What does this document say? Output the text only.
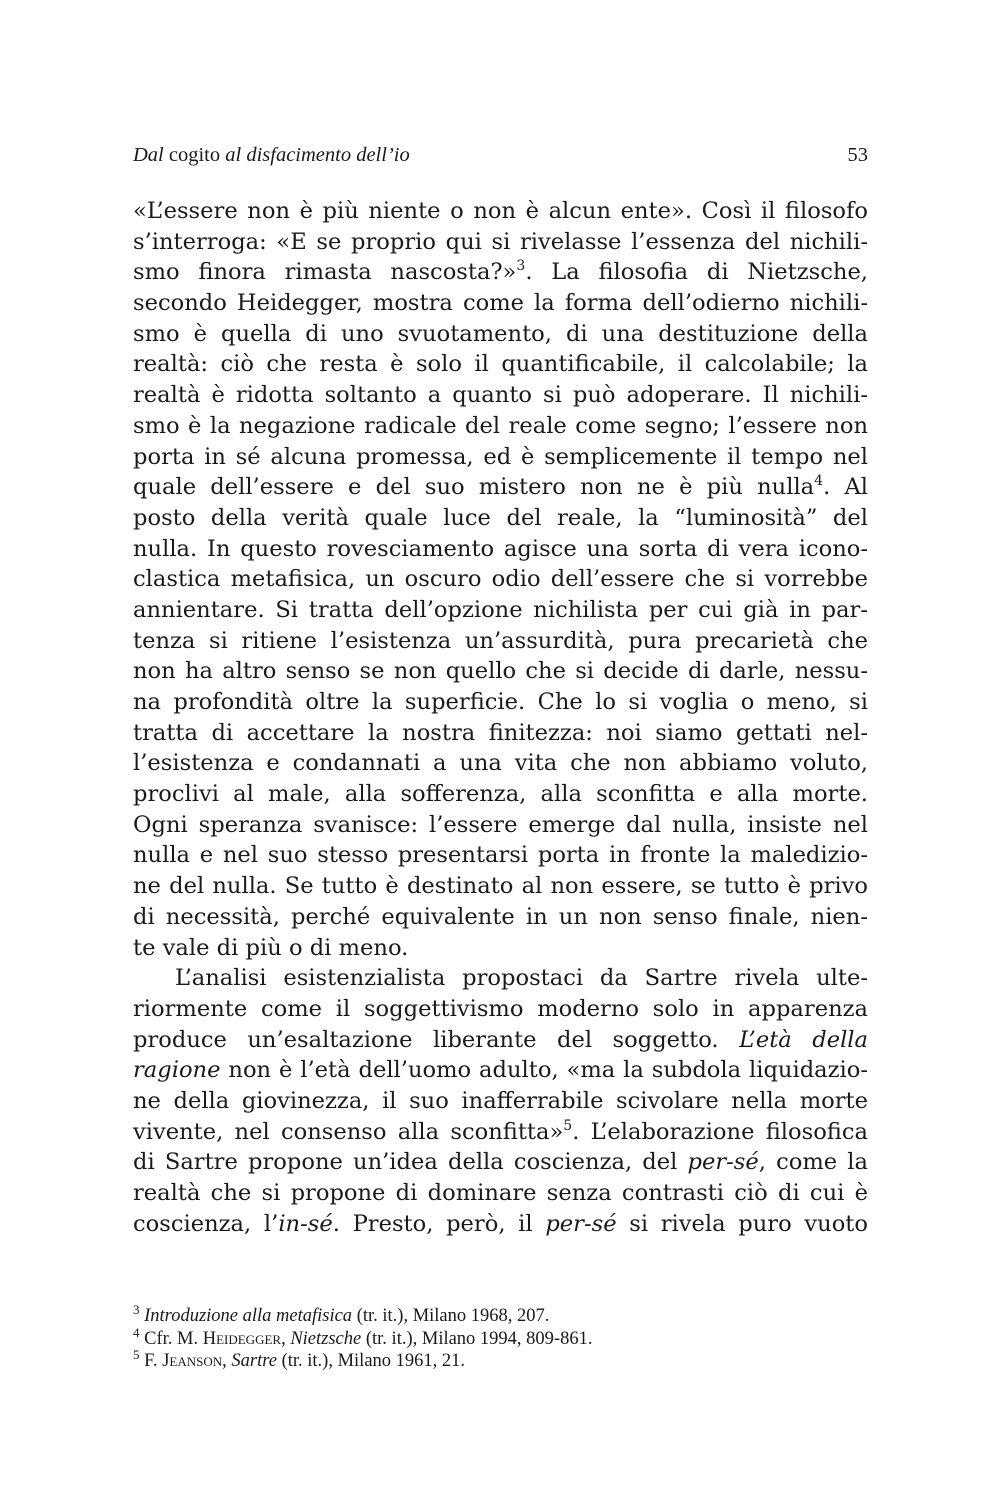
Dal cogito al disfacimento dell’io	53
«L’essere non è più niente o non è alcun ente». Così il filosofo
s’interroga: «E se proprio qui si rivelasse l’essenza del nichili-
smo finora rimasta nascosta?»$^3$. La filosofia di Nietzsche,
secondo Heidegger, mostra come la forma dell’odierno nichili-
smo è quella di uno svuotamento, di una destituzione della
realtà: ciò che resta è solo il quantificabile, il calcolabile; la
realtà è ridotta soltanto a quanto si può adoperare. Il nichili-
smo è la negazione radicale del reale come segno; l’essere non
porta in sé alcuna promessa, ed è semplicemente il tempo nel
quale dell’essere e del suo mistero non ne è più nulla$^4$. Al
posto della verità quale luce del reale, la “luminosità” del
nulla. In questo rovesciamento agisce una sorta di vera icono-
clastica metafisica, un oscuro odio dell’essere che si vorrebbe
annientare. Si tratta dell’opzione nichilista per cui già in par-
tenza si ritiene l’esistenza un’assurdità, pura precarietà che
non ha altro senso se non quello che si decide di darle, nessu-
na profondità oltre la superficie. Che lo si voglia o meno, si
tratta di accettare la nostra finitezza: noi siamo gettati nel-
l’esistenza e condannati a una vita che non abbiamo voluto,
proclivi al male, alla sofferenza, alla sconfitta e alla morte.
Ogni speranza svanisce: l’essere emerge dal nulla, insiste nel
nulla e nel suo stesso presentarsi porta in fronte la maledizio-
ne del nulla. Se tutto è destinato al non essere, se tutto è privo
di necessità, perché equivalente in un non senso finale, nien-
te vale di più o di meno.
L’analisi esistenzialista propostaci da Sartre rivela ulte-
riormente come il soggettivismo moderno solo in apparenza
produce un’esaltazione liberante del soggetto. L’età della
ragione non è l’età dell’uomo adulto, «ma la subdola liquidazio-
ne della giovinezza, il suo inafferrabile scivolare nella morte
vivente, nel consenso alla sconfitta»$^5$. L’elaborazione filosofica
di Sartre propone un’idea della coscienza, del per-sé, come la
realtà che si propone di dominare senza contrasti ciò di cui è
coscienza, l’in-sé. Presto, però, il per-sé si rivela puro vuoto
$^3$ Introduzione alla metafisica (tr. it.), Milano 1968, 207.
$^4$ Cfr. M. Heidegger, Nietzsche (tr. it.), Milano 1994, 809-861.
$^5$ F. Jeanson, Sartre (tr. it.), Milano 1961, 21.
